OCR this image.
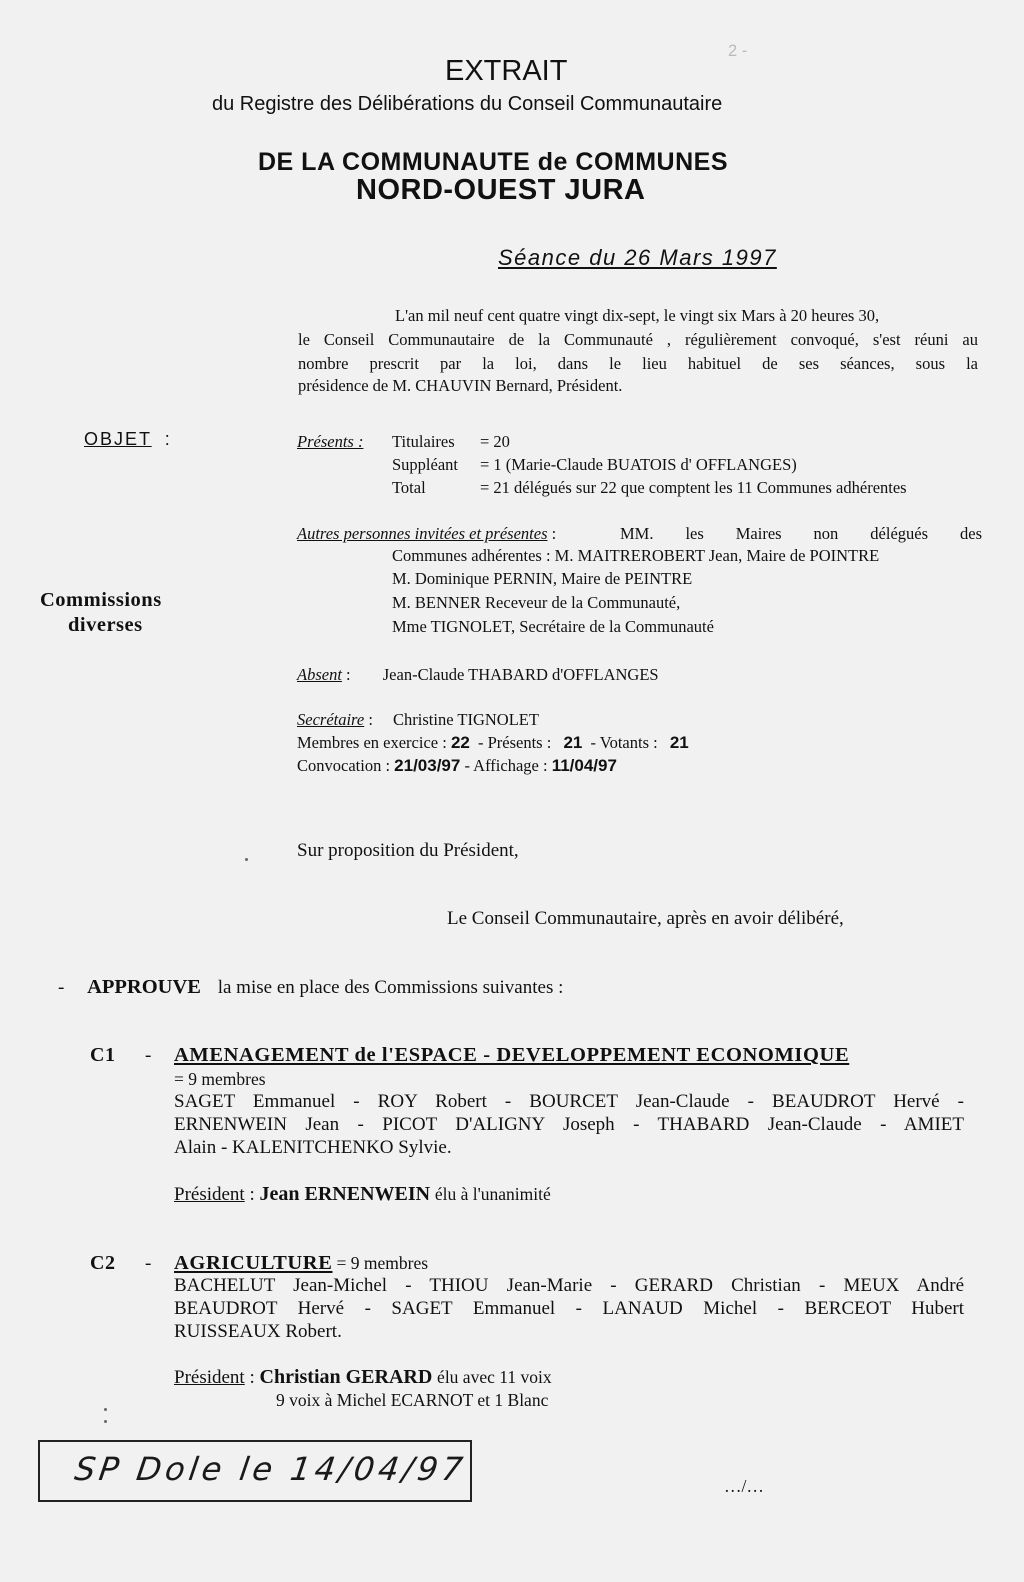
EXTRAIT
du Registre des Délibérations du Conseil Communautaire
DE LA COMMUNAUTE de COMMUNES
NORD-OUEST JURA
Séance du 26 Mars 1997
2 -
L'an mil neuf cent quatre vingt dix-sept, le vingt six Mars à 20 heures 30,
le Conseil Communautaire de la Communauté , régulièrement convoqué, s'est réuni au
nombre prescrit par la loi, dans le lieu habituel de ses séances, sous la
présidence de M. CHAUVIN Bernard, Président.
OBJET :
Commissions
diverses
Présents : Titulaires = 20
Suppléant = 1 (Marie-Claude BUATOIS d' OFFLANGES)
Total	= 21 délégués sur 22 que comptent les 11 Communes adhérentes
Autres personnes invitées et présentes :	MM. les Maires non délégués des
Communes adhérentes : M. MAITREROBERT Jean, Maire de POINTRE
M. Dominique PERNIN, Maire de PEINTRE
M. BENNER Receveur de la Communauté,
Mme TIGNOLET, Secrétaire de la Communauté
Absent : Jean-Claude THABARD d'OFFLANGES
Secrétaire : Christine TIGNOLET
Membres en exercice : 22 - Présents : 21 - Votants : 21
Convocation : 21/03/97 - Affichage : 11/04/97
Sur proposition du Président,
Le Conseil Communautaire, après en avoir délibéré,
- APPROUVE la mise en place des Commissions suivantes :
C1 - AMENAGEMENT de l'ESPACE - DEVELOPPEMENT ECONOMIQUE
= 9 membres
SAGET Emmanuel - ROY Robert - BOURCET Jean-Claude - BEAUDROT Hervé -
ERNENWEIN Jean - PICOT D'ALIGNY Joseph - THABARD Jean-Claude - AMIET
Alain - KALENITCHENKO Sylvie.
Président : Jean ERNENWEIN élu à l'unanimité
C2 - AGRICULTURE = 9 membres
BACHELUT Jean-Michel - THIOU Jean-Marie - GERARD Christian - MEUX André
BEAUDROT Hervé - SAGET Emmanuel - LANAUD Michel - BERCEOT Hubert
RUISSEAUX Robert.
Président : Christian GERARD élu avec 11 voix
9 voix à Michel ECARNOT et 1 Blanc
SP Dole le 14/04/97	…/…
